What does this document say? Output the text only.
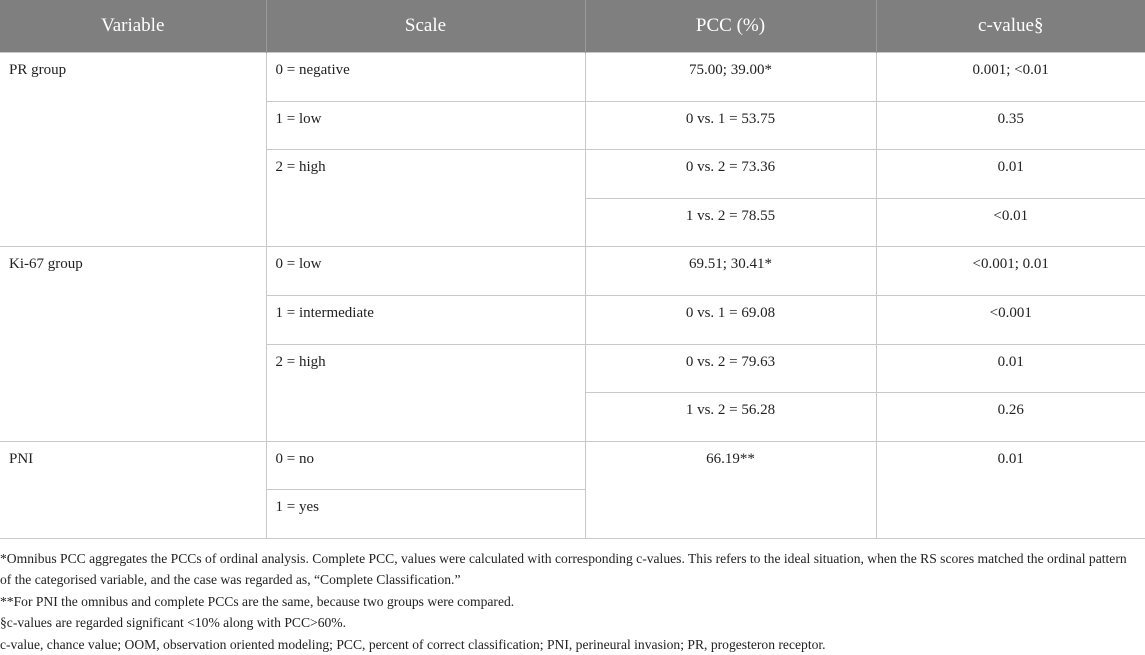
Variable	Scale	PCC (%)	c-value§
PR group	0 = negative	75.00; 39.00*	0.001; <0.01
	1 = low	0 vs. 1 = 53.75	0.35
	2 = high	0 vs. 2 = 73.36	0.01
		1 vs. 2 = 78.55	<0.01
Ki-67 group	0 = low	69.51; 30.41*	<0.001; 0.01
	1 = intermediate	0 vs. 1 = 69.08	<0.001
	2 = high	0 vs. 2 = 79.63	0.01
		1 vs. 2 = 56.28	0.26
PNI	0 = no	66.19**	0.01
	1 = yes		
*Omnibus PCC aggregates the PCCs of ordinal analysis. Complete PCC, values were calculated with corresponding c-values. This refers to the ideal situation, when the RS scores matched the ordinal pattern of the categorised variable, and the case was regarded as, “Complete Classification.”
**For PNI the omnibus and complete PCCs are the same, because two groups were compared.
§c-values are regarded significant <10% along with PCC>60%.
c-value, chance value; OOM, observation oriented modeling; PCC, percent of correct classification; PNI, perineural invasion; PR, progesteron receptor.
